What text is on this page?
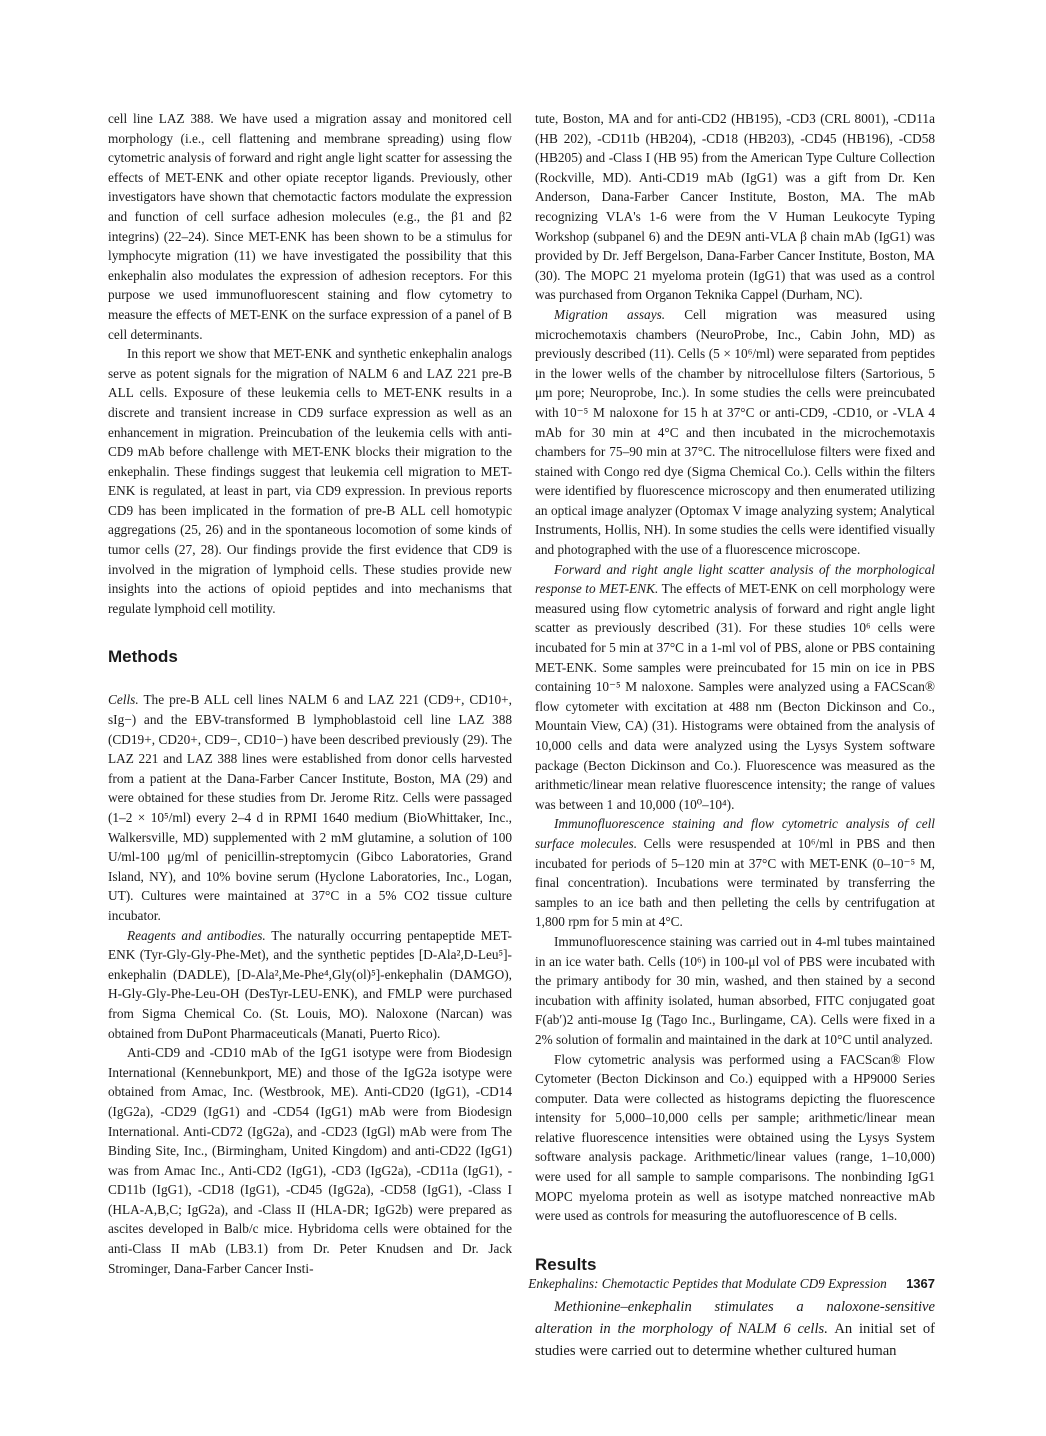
cell line LAZ 388. We have used a migration assay and monitored cell morphology (i.e., cell flattening and membrane spreading) using flow cytometric analysis of forward and right angle light scatter for assessing the effects of MET-ENK and other opiate receptor ligands. Previously, other investigators have shown that chemotactic factors modulate the expression and function of cell surface adhesion molecules (e.g., the β1 and β2 integrins) (22–24). Since MET-ENK has been shown to be a stimulus for lymphocyte migration (11) we have investigated the possibility that this enkephalin also modulates the expression of adhesion receptors. For this purpose we used immunofluorescent staining and flow cytometry to measure the effects of MET-ENK on the surface expression of a panel of B cell determinants.

In this report we show that MET-ENK and synthetic enkephalin analogs serve as potent signals for the migration of NALM 6 and LAZ 221 pre-B ALL cells. Exposure of these leukemia cells to MET-ENK results in a discrete and transient increase in CD9 surface expression as well as an enhancement in migration. Preincubation of the leukemia cells with anti-CD9 mAb before challenge with MET-ENK blocks their migration to the enkephalin. These findings suggest that leukemia cell migration to MET-ENK is regulated, at least in part, via CD9 expression. In previous reports CD9 has been implicated in the formation of pre-B ALL cell homotypic aggregations (25, 26) and in the spontaneous locomotion of some kinds of tumor cells (27, 28). Our findings provide the first evidence that CD9 is involved in the migration of lymphoid cells. These studies provide new insights into the actions of opioid peptides and into mechanisms that regulate lymphoid cell motility.

Methods

Cells. The pre-B ALL cell lines NALM 6 and LAZ 221 (CD9+, CD10+, sIg−) and the EBV-transformed B lymphoblastoid cell line LAZ 388 (CD19+, CD20+, CD9−, CD10−) have been described previously (29). The LAZ 221 and LAZ 388 lines were established from donor cells harvested from a patient at the Dana-Farber Cancer Institute, Boston, MA (29) and were obtained for these studies from Dr. Jerome Ritz. Cells were passaged (1–2 × 10⁵/ml) every 2–4 d in RPMI 1640 medium (BioWhittaker, Inc., Walkersville, MD) supplemented with 2 mM glutamine, a solution of 100 U/ml-100 μg/ml of penicillin-streptomycin (Gibco Laboratories, Grand Island, NY), and 10% bovine serum (Hyclone Laboratories, Inc., Logan, UT). Cultures were maintained at 37°C in a 5% CO2 tissue culture incubator.

Reagents and antibodies. The naturally occurring pentapeptide MET-ENK (Tyr-Gly-Gly-Phe-Met), and the synthetic peptides [D-Ala²,D-Leu⁵]-enkephalin (DADLE), [D-Ala²,Me-Phe⁴,Gly(ol)⁵]-enkephalin (DAMGO), H-Gly-Gly-Phe-Leu-OH (DesTyr-LEU-ENK), and FMLP were purchased from Sigma Chemical Co. (St. Louis, MO). Naloxone (Narcan) was obtained from DuPont Pharmaceuticals (Manati, Puerto Rico).

Anti-CD9 and -CD10 mAb of the IgG1 isotype were from Biodesign International (Kennebunkport, ME) and those of the IgG2a isotype were obtained from Amac, Inc. (Westbrook, ME). Anti-CD20 (IgG1), -CD14 (IgG2a), -CD29 (IgG1) and -CD54 (IgG1) mAb were from Biodesign International. Anti-CD72 (IgG2a), and -CD23 (IgGl) mAb were from The Binding Site, Inc., (Birmingham, United Kingdom) and anti-CD22 (IgG1) was from Amac Inc., Anti-CD2 (IgG1), -CD3 (IgG2a), -CD11a (IgG1), -CD11b (IgG1), -CD18 (IgG1), -CD45 (IgG2a), -CD58 (IgG1), -Class I (HLA-A,B,C; IgG2a), and -Class II (HLA-DR; IgG2b) were prepared as ascites developed in Balb/c mice. Hybridoma cells were obtained for the anti-Class II mAb (LB3.1) from Dr. Peter Knudsen and Dr. Jack Strominger, Dana-Farber Cancer Insti-

tute, Boston, MA and for anti-CD2 (HB195), -CD3 (CRL 8001), -CD11a (HB 202), -CD11b (HB204), -CD18 (HB203), -CD45 (HB196), -CD58 (HB205) and -Class I (HB 95) from the American Type Culture Collection (Rockville, MD). Anti-CD19 mAb (IgG1) was a gift from Dr. Ken Anderson, Dana-Farber Cancer Institute, Boston, MA. The mAb recognizing VLA's 1-6 were from the V Human Leukocyte Typing Workshop (subpanel 6) and the DE9N anti-VLA β chain mAb (IgG1) was provided by Dr. Jeff Bergelson, Dana-Farber Cancer Institute, Boston, MA (30). The MOPC 21 myeloma protein (IgG1) that was used as a control was purchased from Organon Teknika Cappel (Durham, NC).

Migration assays. Cell migration was measured using microchemotaxis chambers (NeuroProbe, Inc., Cabin John, MD) as previously described (11). Cells (5 × 10⁶/ml) were separated from peptides in the lower wells of the chamber by nitrocellulose filters (Sartorious, 5 μm pore; Neuroprobe, Inc.). In some studies the cells were preincubated with 10⁻⁵ M naloxone for 15 h at 37°C or anti-CD9, -CD10, or -VLA 4 mAb for 30 min at 4°C and then incubated in the microchemotaxis chambers for 75–90 min at 37°C. The nitrocellulose filters were fixed and stained with Congo red dye (Sigma Chemical Co.). Cells within the filters were identified by fluorescence microscopy and then enumerated utilizing an optical image analyzer (Optomax V image analyzing system; Analytical Instruments, Hollis, NH). In some studies the cells were identified visually and photographed with the use of a fluorescence microscope.

Forward and right angle light scatter analysis of the morphological response to MET-ENK. The effects of MET-ENK on cell morphology were measured using flow cytometric analysis of forward and right angle light scatter as previously described (31). For these studies 10⁶ cells were incubated for 5 min at 37°C in a 1-ml vol of PBS, alone or PBS containing MET-ENK. Some samples were preincubated for 15 min on ice in PBS containing 10⁻⁵ M naloxone. Samples were analyzed using a FACScan® flow cytometer with excitation at 488 nm (Becton Dickinson and Co., Mountain View, CA) (31). Histograms were obtained from the analysis of 10,000 cells and data were analyzed using the Lysys System software package (Becton Dickinson and Co.). Fluorescence was measured as the arithmetic/linear mean relative fluorescence intensity; the range of values was between 1 and 10,000 (10⁰–10⁴).

Immunofluorescence staining and flow cytometric analysis of cell surface molecules. Cells were resuspended at 10⁶/ml in PBS and then incubated for periods of 5–120 min at 37°C with MET-ENK (0–10⁻⁵ M, final concentration). Incubations were terminated by transferring the samples to an ice bath and then pelleting the cells by centrifugation at 1,800 rpm for 5 min at 4°C.

Immunofluorescence staining was carried out in 4-ml tubes maintained in an ice water bath. Cells (10⁶) in 100-μl vol of PBS were incubated with the primary antibody for 30 min, washed, and then stained by a second incubation with affinity isolated, human absorbed, FITC conjugated goat F(ab′)2 anti-mouse Ig (Tago Inc., Burlingame, CA). Cells were fixed in a 2% solution of formalin and maintained in the dark at 10°C until analyzed.

Flow cytometric analysis was performed using a FACScan® Flow Cytometer (Becton Dickinson and Co.) equipped with a HP9000 Series computer. Data were collected as histograms depicting the fluorescence intensity for 5,000–10,000 cells per sample; arithmetic/linear mean relative fluorescence intensities were obtained using the Lysys System software analysis package. Arithmetic/linear values (range, 1–10,000) were used for all sample to sample comparisons. The nonbinding IgG1 MOPC myeloma protein as well as isotype matched nonreactive mAb were used as controls for measuring the autofluorescence of B cells.

Results

Methionine–enkephalin stimulates a naloxone-sensitive alteration in the morphology of NALM 6 cells. An initial set of studies were carried out to determine whether cultured human

Enkephalins: Chemotactic Peptides that Modulate CD9 Expression 1367
